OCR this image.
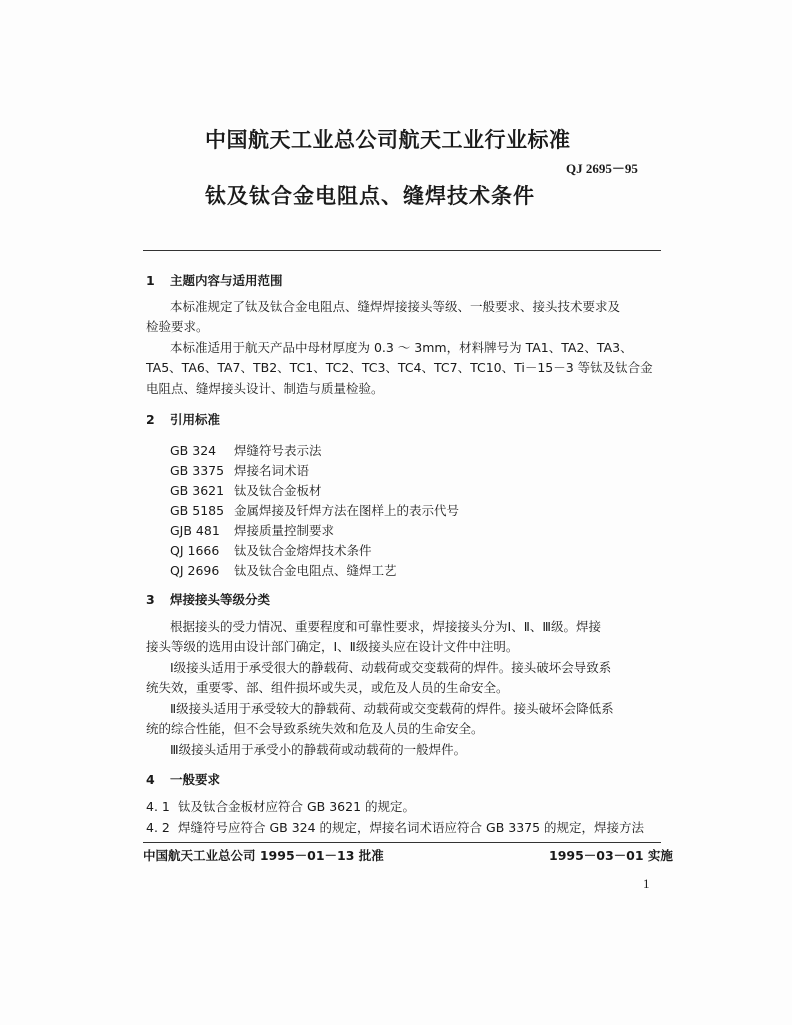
中国航天工业总公司航天工业行业标准
QJ 2695－95
钛及钛合金电阻点、缝焊技术条件
1 主题内容与适用范围
本标准规定了钛及钛合金电阻点、缝焊焊接接头等级、一般要求、接头技术要求及
检验要求。
本标准适用于航天产品中母材厚度为 0.3 ～ 3mm，材料牌号为 TA1、TA2、TA3、
TA5、TA6、TA7、TB2、TC1、TC2、TC3、TC4、TC7、TC10、Ti－15－3 等钛及钛合金
电阻点、缝焊接头设计、制造与质量检验。
2 引用标准
GB 324 焊缝符号表示法
GB 3375 焊接名词术语
GB 3621 钛及钛合金板材
GB 5185 金属焊接及钎焊方法在图样上的表示代号
GJB 481 焊接质量控制要求
QJ 1666 钛及钛合金熔焊技术条件
QJ 2696 钛及钛合金电阻点、缝焊工艺
3 焊接接头等级分类
根据接头的受力情况、重要程度和可靠性要求，焊接接头分为Ⅰ、Ⅱ、Ⅲ级。焊接
接头等级的选用由设计部门确定，Ⅰ、Ⅱ级接头应在设计文件中注明。
Ⅰ级接头适用于承受很大的静载荷、动载荷或交变载荷的焊件。接头破坏会导致系
统失效，重要零、部、组件损坏或失灵，或危及人员的生命安全。
Ⅱ级接头适用于承受较大的静载荷、动载荷或交变载荷的焊件。接头破坏会降低系
统的综合性能，但不会导致系统失效和危及人员的生命安全。
Ⅲ级接头适用于承受小的静载荷或动载荷的一般焊件。
4 一般要求
4. 1 钛及钛合金板材应符合 GB 3621 的规定。
4. 2 焊缝符号应符合 GB 324 的规定，焊接名词术语应符合 GB 3375 的规定，焊接方法
中国航天工业总公司 1995－01－13 批准	1995－03－01 实施
1
